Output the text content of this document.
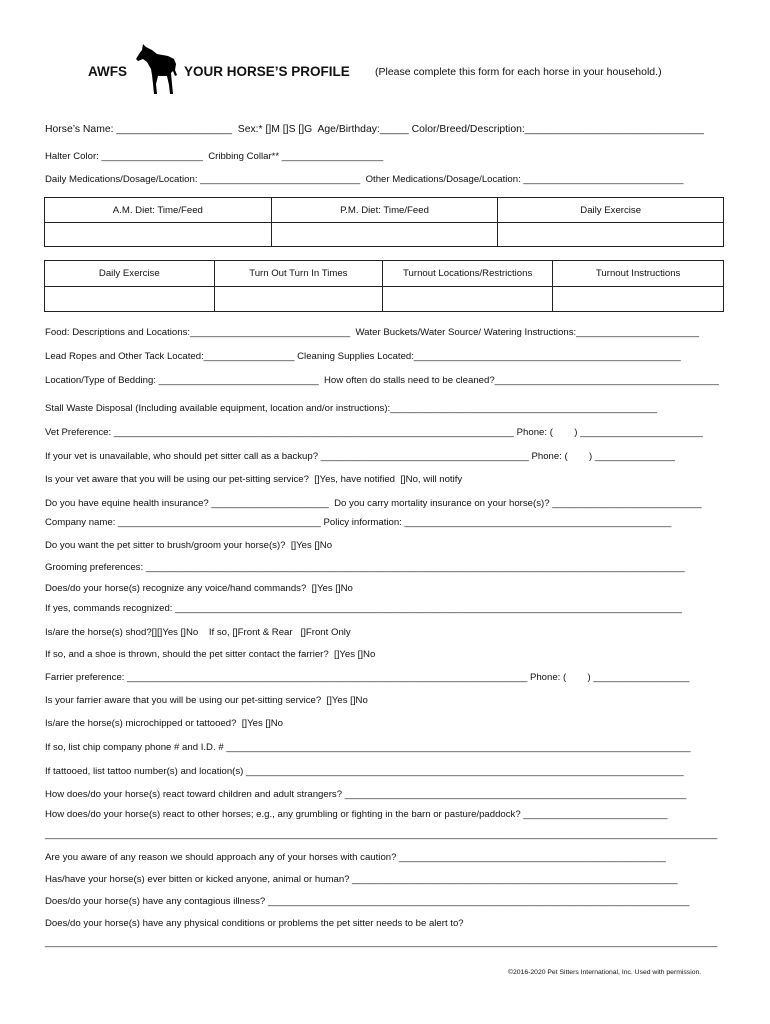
AWFS	YOUR HORSE’S PROFILE (Please complete this form for each horse in your household.)
Horse’s Name: ____________________  Sex:* []M []S []G  Age/Birthday:_____ Color/Breed/Description:_______________________________
Halter Color: ___________________  Cribbing Collar** ___________________
Daily Medications/Dosage/Location: ______________________________  Other Medications/Dosage/Location: ______________________________
A.M. Diet: Time/Feed	P.M. Diet: Time/Feed	Daily Exercise

Daily Exercise	Turn Out Turn In Times	Turnout Locations/Restrictions	Turnout Instructions

Food: Descriptions and Locations:______________________________  Water Buckets/Water Source/ Watering Instructions:_______________________
Lead Ropes and Other Tack Located:_________________ Cleaning Supplies Located:__________________________________________________
Location/Type of Bedding: ______________________________  How often do stalls need to be cleaned?__________________________________________
Stall Waste Disposal (Including available equipment, location and/or instructions):__________________________________________________
Vet Preference: ___________________________________________________________________________ Phone: (        ) _______________________
If your vet is unavailable, who should pet sitter call as a backup? _______________________________________ Phone: (        ) _______________
Is your vet aware that you will be using our pet-sitting service?  []Yes, have notified  []No, will notify
Do you have equine health insurance? ______________________  Do you carry mortality insurance on your horse(s)? ____________________________
Company name: ______________________________________ Policy information: __________________________________________________
Do you want the pet sitter to brush/groom your horse(s)?  []Yes []No
Grooming preferences: _____________________________________________________________________________________________________
Does/do your horse(s) recognize any voice/hand commands?  []Yes []No
If yes, commands recognized: _______________________________________________________________________________________________
Is/are the horse(s) shod?[][]Yes []No    If so, []Front & Rear   []Front Only
If so, and a shoe is thrown, should the pet sitter contact the farrier?  []Yes []No
Farrier preference: ___________________________________________________________________________ Phone: (        ) __________________
Is your farrier aware that you will be using our pet-sitting service?  []Yes []No
Is/are the horse(s) microchipped or tattooed?  []Yes []No
If so, list chip company phone # and I.D. # _______________________________________________________________________________________
If tattooed, list tattoo number(s) and location(s) __________________________________________________________________________________
How does/do your horse(s) react toward children and adult strangers? ________________________________________________________________
How does/do your horse(s) react to other horses; e.g., any grumbling or fighting in the barn or pasture/paddock? ___________________________
______________________________________________________________________________________________________________________________
Are you aware of any reason we should approach any of your horses with caution? __________________________________________________
Has/have your horse(s) ever bitten or kicked anyone, animal or human? _____________________________________________________________
Does/do your horse(s) have any contagious illness? _______________________________________________________________________________
Does/do your horse(s) have any physical conditions or problems the pet sitter needs to be alert to?
______________________________________________________________________________________________________________________________
©2016-2020 Pet Sitters International, Inc. Used with permission.
